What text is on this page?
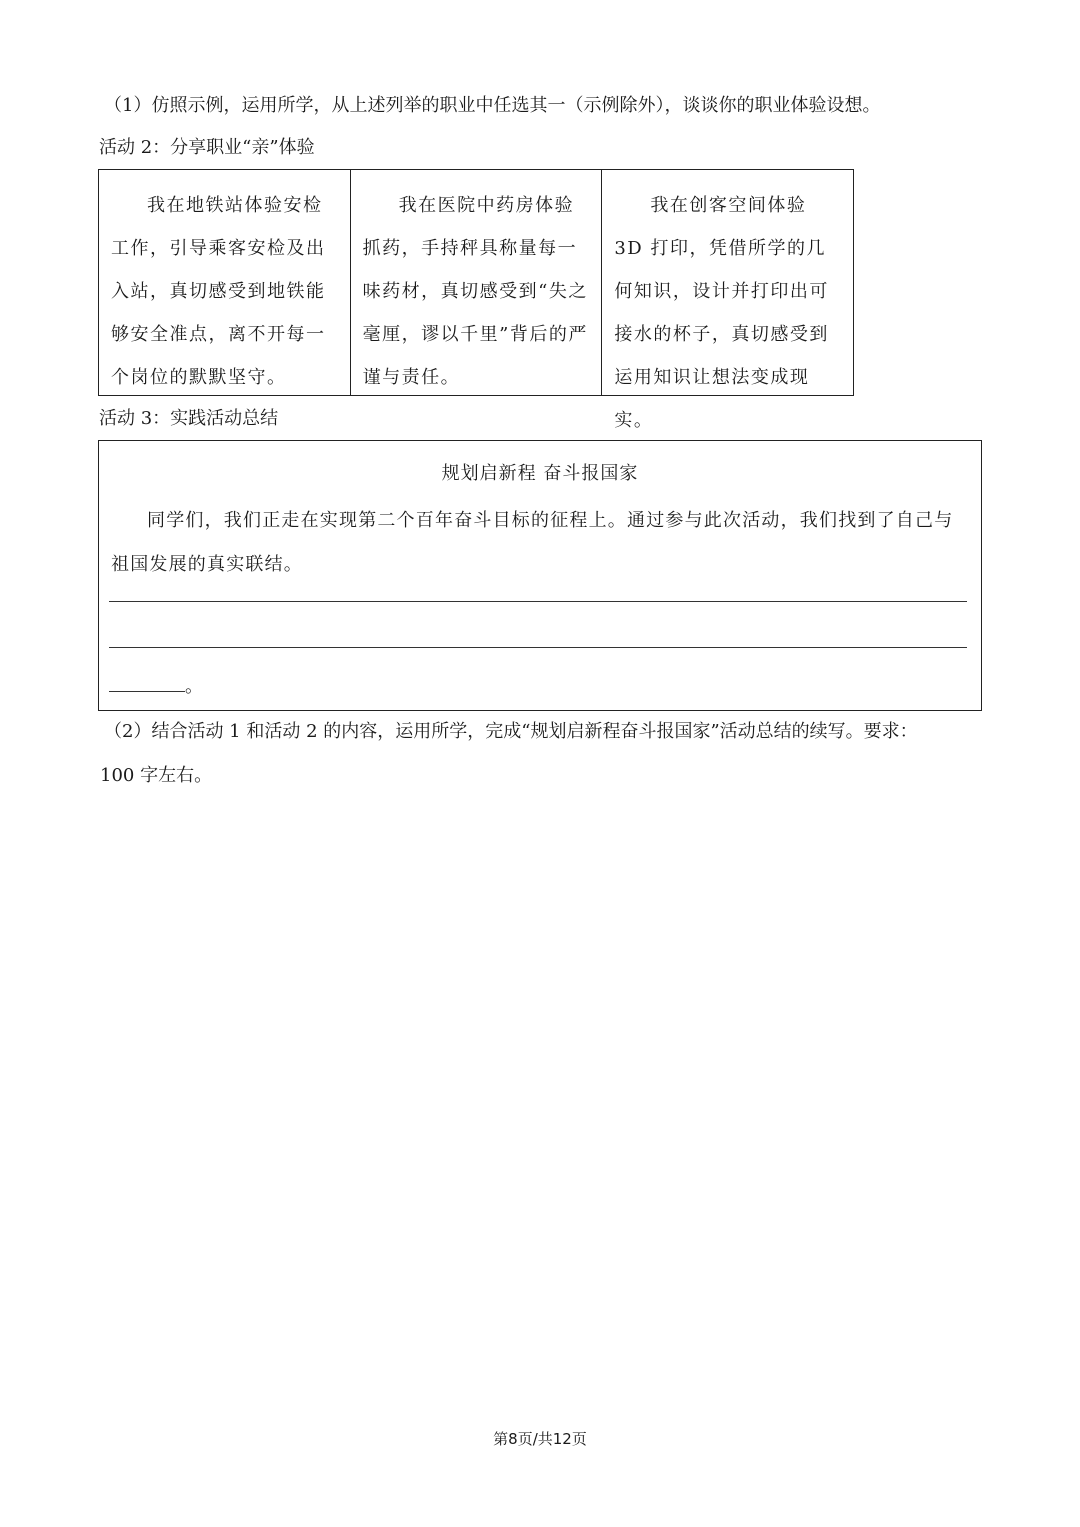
（1）仿照示例，运用所学，从上述列举的职业中任选其一（示例除外），谈谈你的职业体验设想。
活动 2：分享职业“亲”体验

我在地铁站体验安检工作，引导乘客安检及出入站，真切感受到地铁能够安全准点，离不开每一个岗位的默默坚守。

我在医院中药房体验抓药，手持秤具称量每一味药材，真切感受到“失之毫厘，谬以千里”背后的严谨与责任。

我在创客空间体验 3D 打印，凭借所学的几何知识，设计并打印出可接水的杯子，真切感受到运用知识让想法变成现实。

活动 3：实践活动总结
规划启新程 奋斗报国家

同学们，我们正走在实现第二个百年奋斗目标的征程上。通过参与此次活动，我们找到了自己与祖国发展的真实联结。

。
（2）结合活动 1 和活动 2 的内容，运用所学，完成“规划启新程奋斗报国家”活动总结的续写。要求：
100 字左右。
第8页/共12页
